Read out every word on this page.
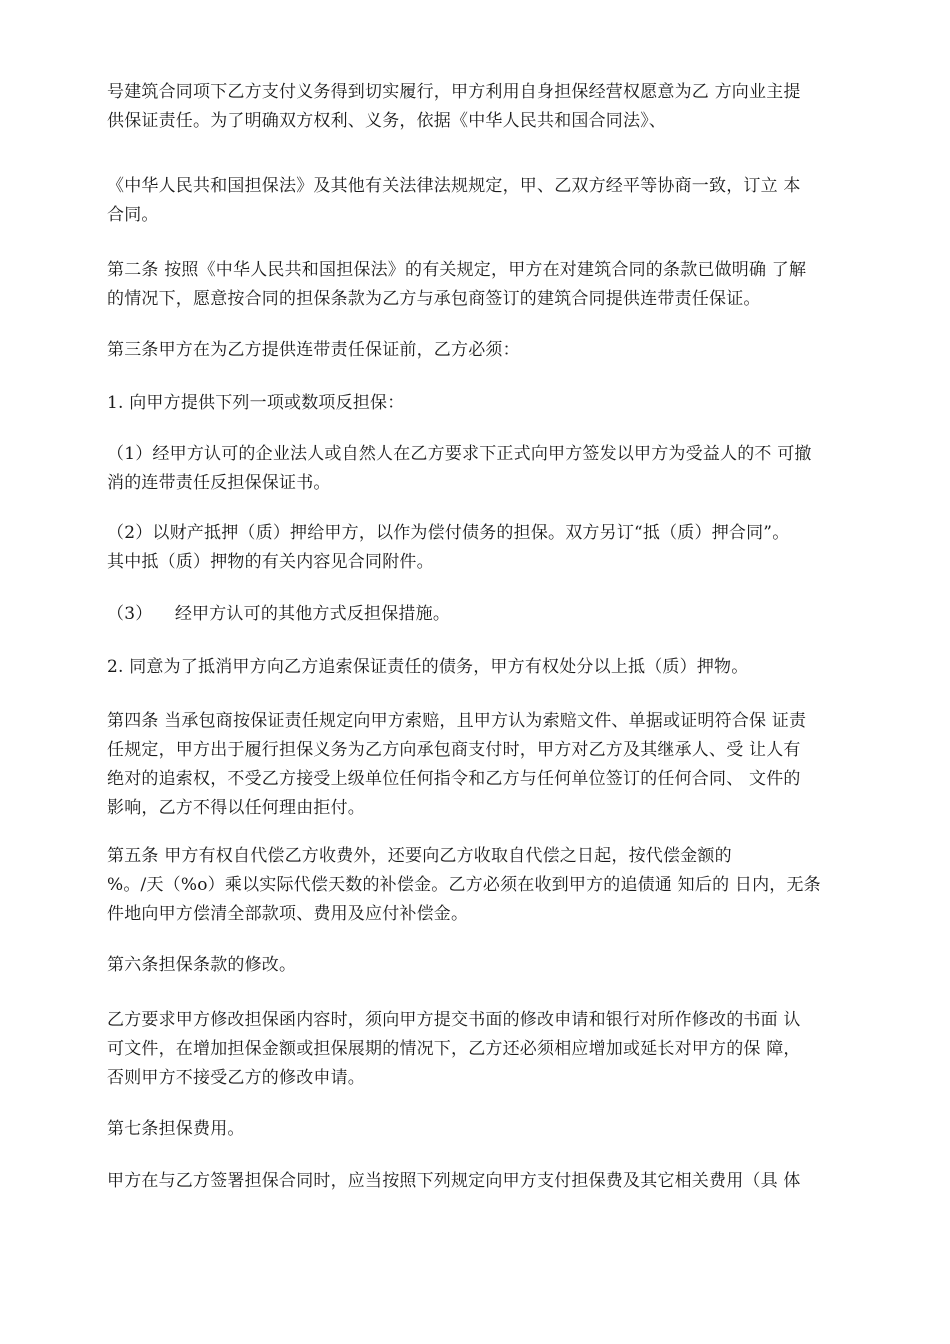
号建筑合同项下乙方支付义务得到切实履行，甲方利用自身担保经营权愿意为乙 方向业主提
供保证责任。为了明确双方权利、义务，依据《中华人民共和国合同法》、

《中华人民共和国担保法》及其他有关法律法规规定，甲、乙双方经平等协商一致，订立 本
合同。

第二条 按照《中华人民共和国担保法》的有关规定，甲方在对建筑合同的条款已做明确 了解
的情况下，愿意按合同的担保条款为乙方与承包商签订的建筑合同提供连带责任保证。

第三条甲方在为乙方提供连带责任保证前，乙方必须：

1. 向甲方提供下列一项或数项反担保：

（1）经甲方认可的企业法人或自然人在乙方要求下正式向甲方签发以甲方为受益人的不 可撤
消的连带责任反担保保证书。

（2）以财产抵押（质）押给甲方，以作为偿付债务的担保。双方另订“抵（质）押合同”。
其中抵（质）押物的有关内容见合同附件。

（3）    经甲方认可的其他方式反担保措施。

2. 同意为了抵消甲方向乙方追索保证责任的债务，甲方有权处分以上抵（质）押物。

第四条 当承包商按保证责任规定向甲方索赔，且甲方认为索赔文件、单据或证明符合保 证责
任规定，甲方出于履行担保义务为乙方向承包商支付时，甲方对乙方及其继承人、受 让人有
绝对的追索权，不受乙方接受上级单位任何指令和乙方与任何单位签订的任何合同、 文件的
影响，乙方不得以任何理由拒付。

第五条 甲方有权自代偿乙方收费外，还要向乙方收取自代偿之日起，按代偿金额的
%。/天（%o）乘以实际代偿天数的补偿金。乙方必须在收到甲方的追债通 知后的 日内，无条
件地向甲方偿清全部款项、费用及应付补偿金。

第六条担保条款的修改。

乙方要求甲方修改担保函内容时，须向甲方提交书面的修改申请和银行对所作修改的书面 认
可文件，在增加担保金额或担保展期的情况下，乙方还必须相应增加或延长对甲方的保 障，
否则甲方不接受乙方的修改申请。

第七条担保费用。

甲方在与乙方签署担保合同时，应当按照下列规定向甲方支付担保费及其它相关费用（具 体
